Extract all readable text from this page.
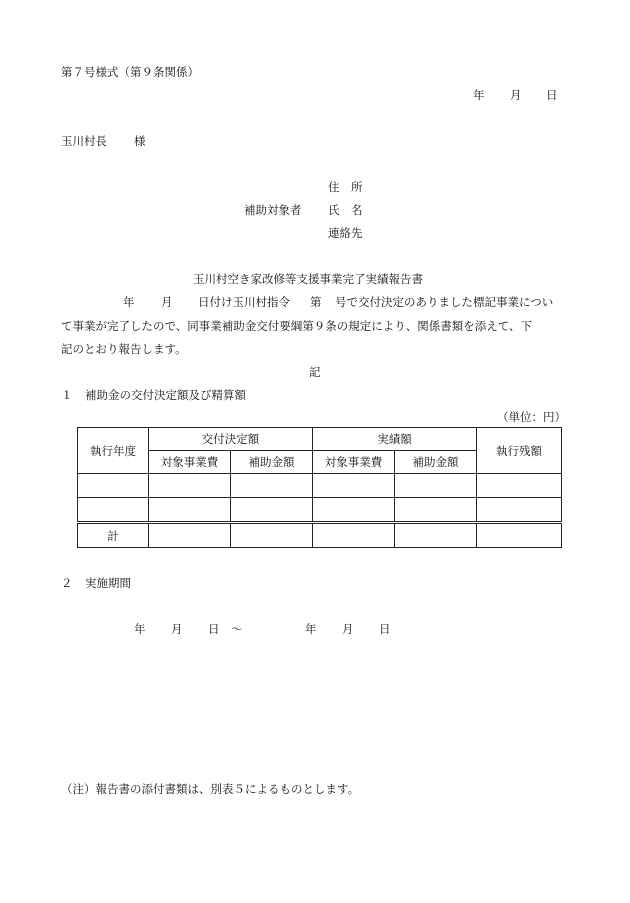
第７号様式（第９条関係）
年 月 日
玉川村長 様
住　所
補助対象者 氏　名
連絡先
玉川村空き家改修等支援事業完了実績報告書
年 月 日付け玉川村指令 第 号で交付決定のありました標記事業につい
て事業が完了したので、同事業補助金交付要綱第９条の規定により、関係書類を添えて、下
記のとおり報告します。
記
１ 補助金の交付決定額及び精算額
（単位：円）
執行年度	交付決定額		実績額		執行残額
	対象事業費	補助金額	対象事業費	補助金額	

計					
２ 実施期間
年 月 日 ～	年 月 日
（注）報告書の添付書類は、別表５によるものとします。
